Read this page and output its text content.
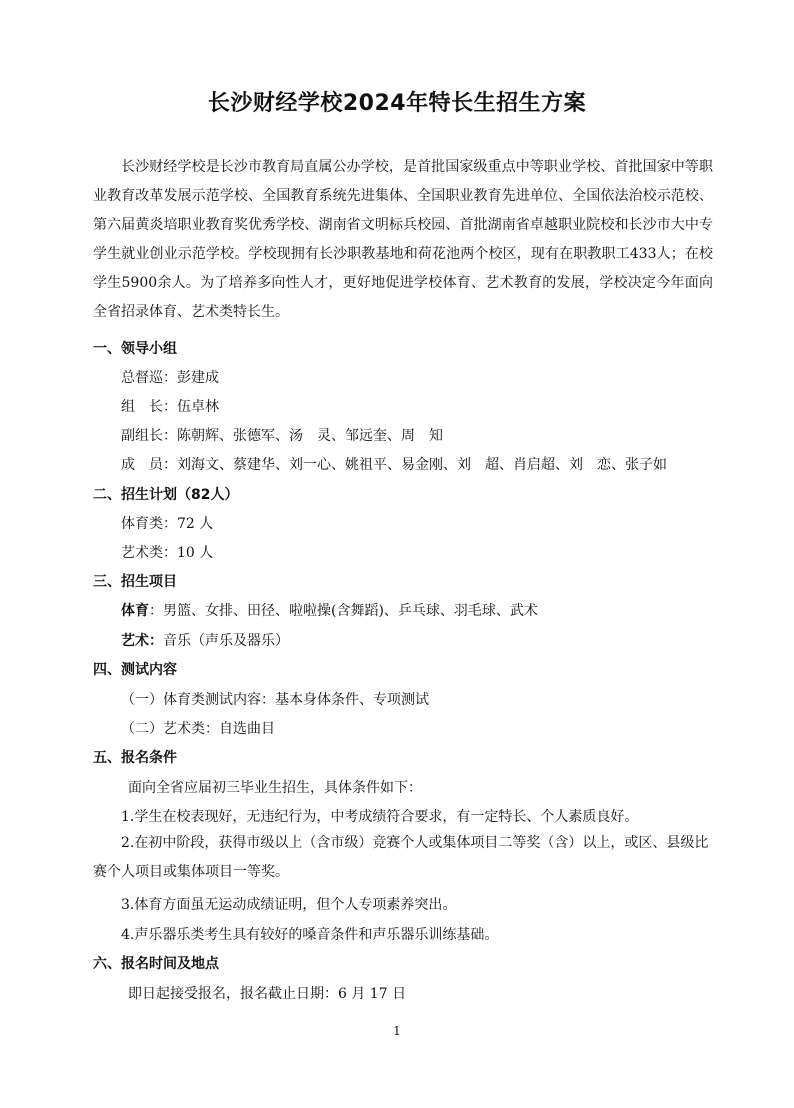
长沙财经学校2024年特长生招生方案
长沙财经学校是长沙市教育局直属公办学校，是首批国家级重点中等职业学校、首批国家中等职业教育改革发展示范学校、全国教育系统先进集体、全国职业教育先进单位、全国依法治校示范校、第六届黄炎培职业教育奖优秀学校、湖南省文明标兵校园、首批湖南省卓越职业院校和长沙市大中专学生就业创业示范学校。学校现拥有长沙职教基地和荷花池两个校区，现有在职教职工433人；在校学生5900余人。为了培养多向性人才，更好地促进学校体育、艺术教育的发展，学校决定今年面向全省招录体育、艺术类特长生。
一、领导小组
总督巡：彭建成
组　长：伍卓林
副组长：陈朝辉、张德军、汤　灵、邹远奎、周　知
成　员：刘海文、蔡建华、刘一心、姚祖平、易金刚、刘　超、肖启超、刘　恋、张子如
二、招生计划（82人）
体育类：72 人
艺术类：10 人
三、招生项目
体育：男篮、女排、田径、啦啦操(含舞蹈)、乒乓球、羽毛球、武术
艺术：音乐（声乐及器乐）
四、测试内容
（一）体育类测试内容：基本身体条件、专项测试
（二）艺术类：自选曲目
五、报名条件
面向全省应届初三毕业生招生，具体条件如下：
1.学生在校表现好，无违纪行为，中考成绩符合要求，有一定特长、个人素质良好。
2.在初中阶段，获得市级以上（含市级）竞赛个人或集体项目二等奖（含）以上，或区、县级比赛个人项目或集体项目一等奖。
3.体育方面虽无运动成绩证明，但个人专项素养突出。
4.声乐器乐类考生具有较好的嗓音条件和声乐器乐训练基础。
六、报名时间及地点
即日起接受报名，报名截止日期：6 月 17 日
1
